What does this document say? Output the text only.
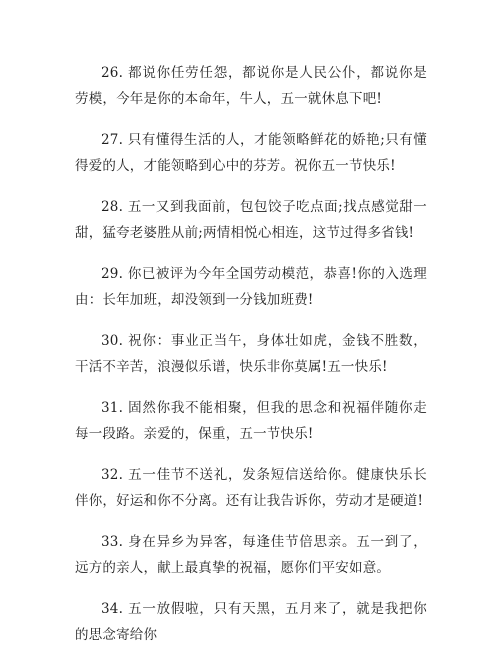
26. 都说你任劳任怨，都说你是人民公仆，都说你是劳模，今年是你的本命年，牛人，五一就休息下吧!

27. 只有懂得生活的人，才能领略鲜花的娇艳;只有懂得爱的人，才能领略到心中的芬芳。祝你五一节快乐!

28. 五一又到我面前，包包饺子吃点面;找点感觉甜一甜，猛夸老婆胜从前;两情相悦心相连，这节过得多省钱!

29. 你已被评为今年全国劳动模范，恭喜!你的入选理由：长年加班，却没领到一分钱加班费!

30. 祝你：事业正当午，身体壮如虎，金钱不胜数，干活不辛苦，浪漫似乐谱，快乐非你莫属!五一快乐!

31. 固然你我不能相聚，但我的思念和祝福伴随你走每一段路。亲爱的，保重，五一节快乐!

32. 五一佳节不送礼，发条短信送给你。健康快乐长伴你，好运和你不分离。还有让我告诉你，劳动才是硬道!

33. 身在异乡为异客，每逢佳节倍思亲。五一到了，远方的亲人，献上最真挚的祝福，愿你们平安如意。

34. 五一放假啦，只有天黑，五月来了，就是我把你的思念寄给你
